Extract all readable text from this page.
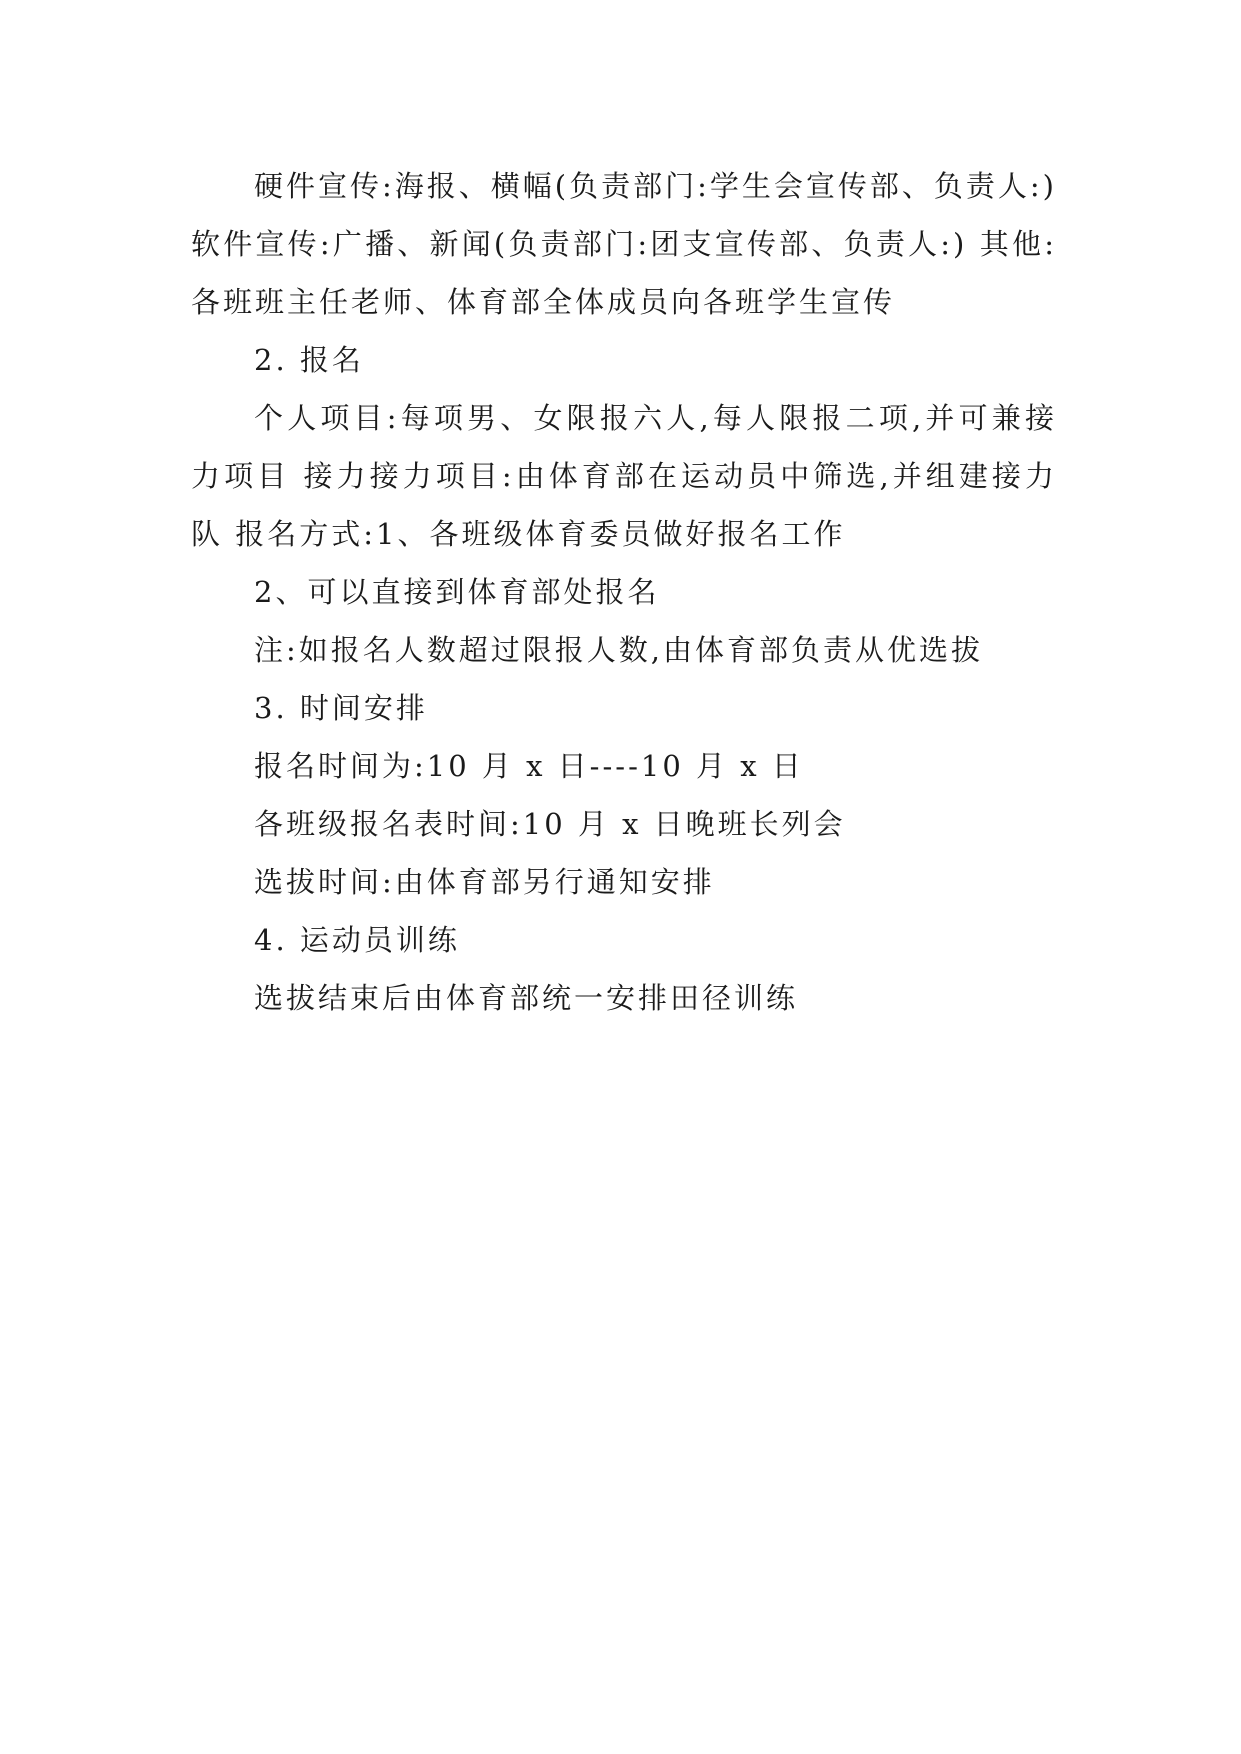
硬件宣传:海报、横幅(负责部门:学生会宣传部、负责人:) 软件宣传:广播、新闻(负责部门:团支宣传部、负责人:) 其他:各班班主任老师、体育部全体成员向各班学生宣传

2. 报名

个人项目:每项男、女限报六人,每人限报二项,并可兼接力项目 接力接力项目:由体育部在运动员中筛选,并组建接力队 报名方式:1、各班级体育委员做好报名工作

2、可以直接到体育部处报名

注:如报名人数超过限报人数,由体育部负责从优选拔

3. 时间安排

报名时间为:10 月 x 日----10 月 x 日

各班级报名表时间:10 月 x 日晚班长列会

选拔时间:由体育部另行通知安排

4. 运动员训练

选拔结束后由体育部统一安排田径训练
